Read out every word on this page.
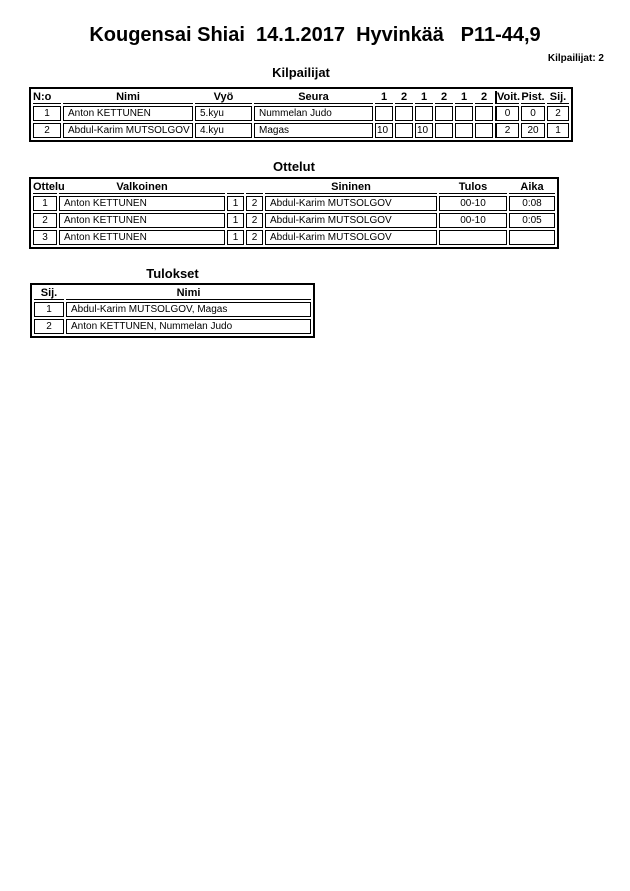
Kougensai Shiai  14.1.2017  Hyvinkää   P11-44,9
Kilpailijat: 2
Kilpailijat
N:o	Nimi	Vyö	Seura	1	2	1	2	1	2	Voit.	Pist.	Sij.
1	Anton KETTUNEN	5.kyu	Nummelan Judo							0	0	2
2	Abdul-Karim MUTSOLGOV	4.kyu	Magas	10		10				2	20	1
Ottelut
Ottelu	Valkoinen			Sininen	Tulos	Aika
1	Anton KETTUNEN	1	2	Abdul-Karim MUTSOLGOV	00-10	0:08
2	Anton KETTUNEN	1	2	Abdul-Karim MUTSOLGOV	00-10	0:05
3	Anton KETTUNEN	1	2	Abdul-Karim MUTSOLGOV		
Tulokset
Sij.	Nimi
1	Abdul-Karim MUTSOLGOV, Magas
2	Anton KETTUNEN, Nummelan Judo
